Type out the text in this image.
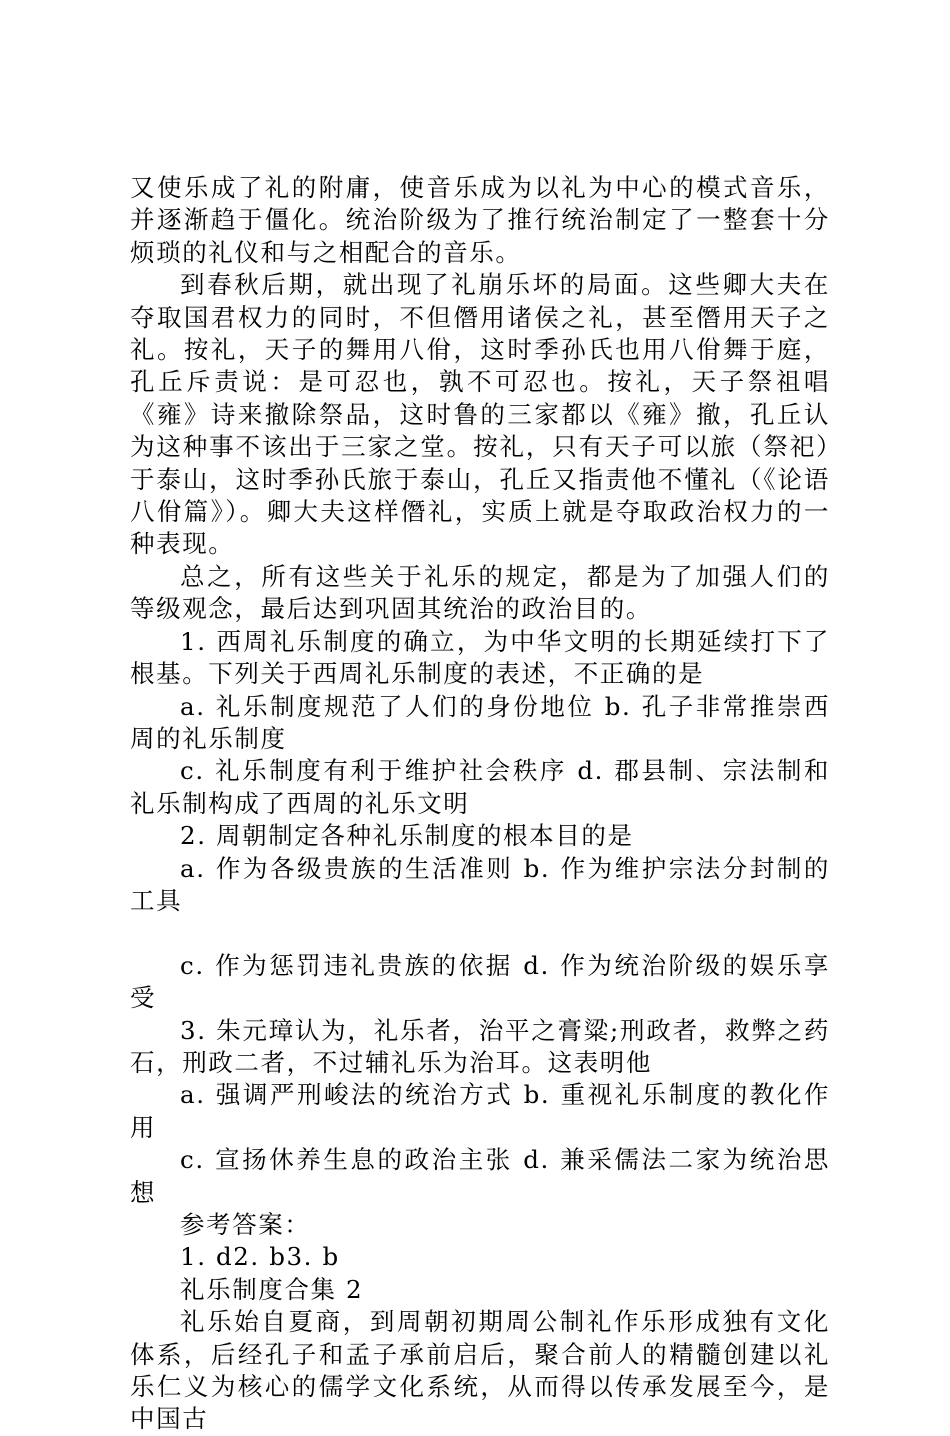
又使乐成了礼的附庸，使音乐成为以礼为中心的模式音乐，并逐渐趋于僵化。统治阶级为了推行统治制定了一整套十分烦琐的礼仪和与之相配合的音乐。

到春秋后期，就出现了礼崩乐坏的局面。这些卿大夫在夺取国君权力的同时，不但僭用诸侯之礼，甚至僭用天子之礼。按礼，天子的舞用八佾，这时季孙氏也用八佾舞于庭，孔丘斥责说：是可忍也，孰不可忍也。按礼，天子祭祖唱《雍》诗来撤除祭品，这时鲁的三家都以《雍》撤，孔丘认为这种事不该出于三家之堂。按礼，只有天子可以旅（祭祀）于泰山，这时季孙氏旅于泰山，孔丘又指责他不懂礼（《论语八佾篇》）。卿大夫这样僭礼，实质上就是夺取政治权力的一种表现。

总之，所有这些关于礼乐的规定，都是为了加强人们的等级观念，最后达到巩固其统治的政治目的。

1. 西周礼乐制度的确立，为中华文明的长期延续打下了根基。下列关于西周礼乐制度的表述，不正确的是

a. 礼乐制度规范了人们的身份地位 b. 孔子非常推崇西周的礼乐制度

c. 礼乐制度有利于维护社会秩序 d. 郡县制、宗法制和礼乐制构成了西周的礼乐文明

2. 周朝制定各种礼乐制度的根本目的是

a. 作为各级贵族的生活准则 b. 作为维护宗法分封制的工具

c. 作为惩罚违礼贵族的依据 d. 作为统治阶级的娱乐享受

3. 朱元璋认为，礼乐者，治平之膏粱;刑政者，救弊之药石，刑政二者，不过辅礼乐为治耳。这表明他

a. 强调严刑峻法的统治方式 b. 重视礼乐制度的教化作用

c. 宣扬休养生息的政治主张 d. 兼采儒法二家为统治思想

参考答案：

1. d2. b3. b

礼乐制度合集 2

礼乐始自夏商，到周朝初期周公制礼作乐形成独有文化体系，后经孔子和孟子承前启后，聚合前人的精髓创建以礼乐仁义为核心的儒学文化系统，从而得以传承发展至今，是中国古
